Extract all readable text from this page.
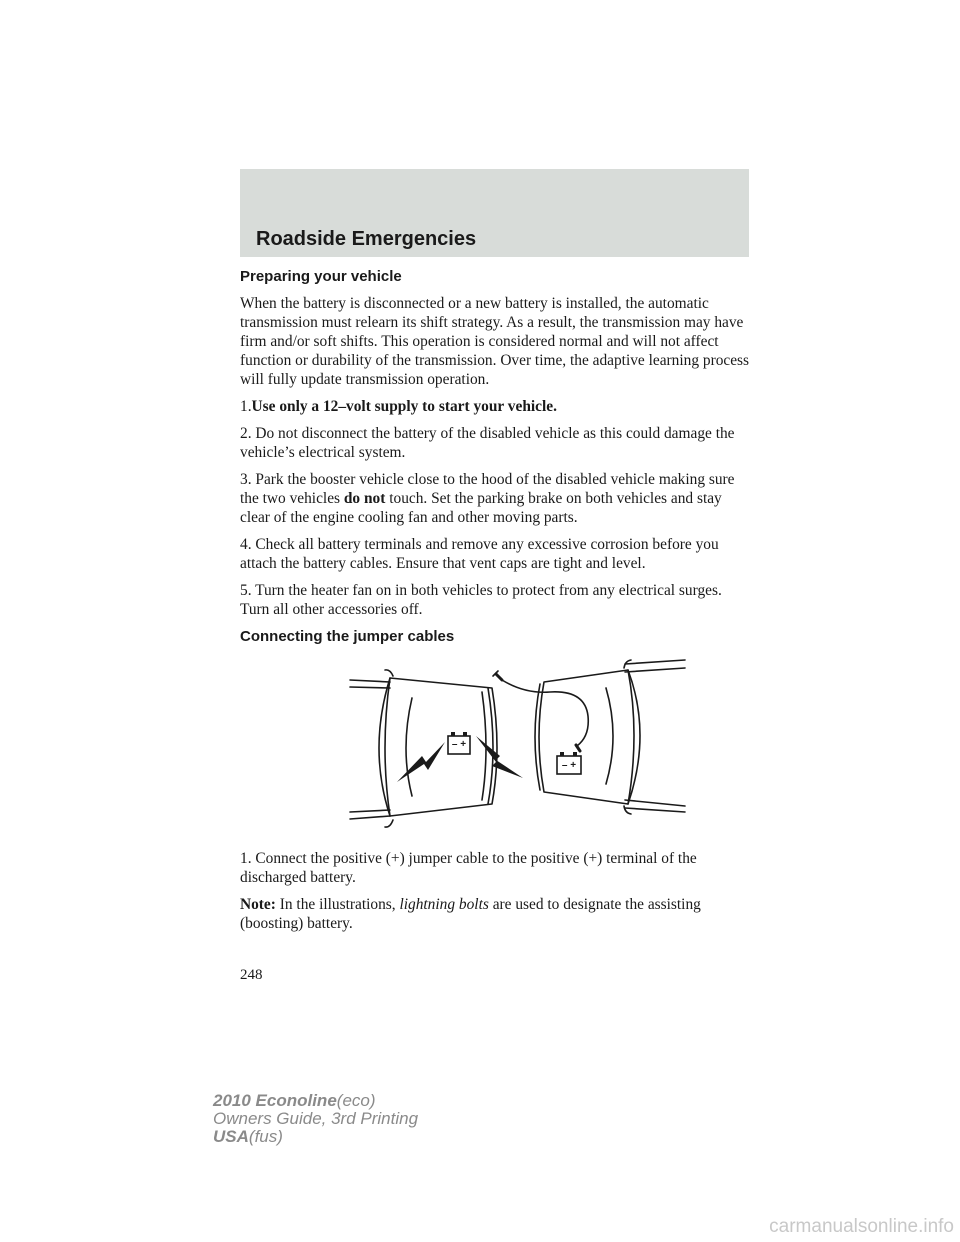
Roadside Emergencies
Preparing your vehicle

When the battery is disconnected or a new battery is installed, the automatic transmission must relearn its shift strategy. As a result, the transmission may have firm and/or soft shifts. This operation is considered normal and will not affect function or durability of the transmission. Over time, the adaptive learning process will fully update transmission operation.

1.Use only a 12–volt supply to start your vehicle.

2. Do not disconnect the battery of the disabled vehicle as this could damage the vehicle’s electrical system.

3. Park the booster vehicle close to the hood of the disabled vehicle making sure the two vehicles do not touch. Set the parking brake on both vehicles and stay clear of the engine cooling fan and other moving parts.

4. Check all battery terminals and remove any excessive corrosion before you attach the battery cables. Ensure that vent caps are tight and level.

5. Turn the heater fan on in both vehicles to protect from any electrical surges. Turn all other accessories off.

Connecting the jumper cables
– +
– +

1. Connect the positive (+) jumper cable to the positive (+) terminal of the discharged battery.

Note: In the illustrations, lightning bolts are used to designate the assisting (boosting) battery.

248
2010 Econoline(eco)
Owners Guide, 3rd Printing
USA(fus)
carmanualsonline.info
